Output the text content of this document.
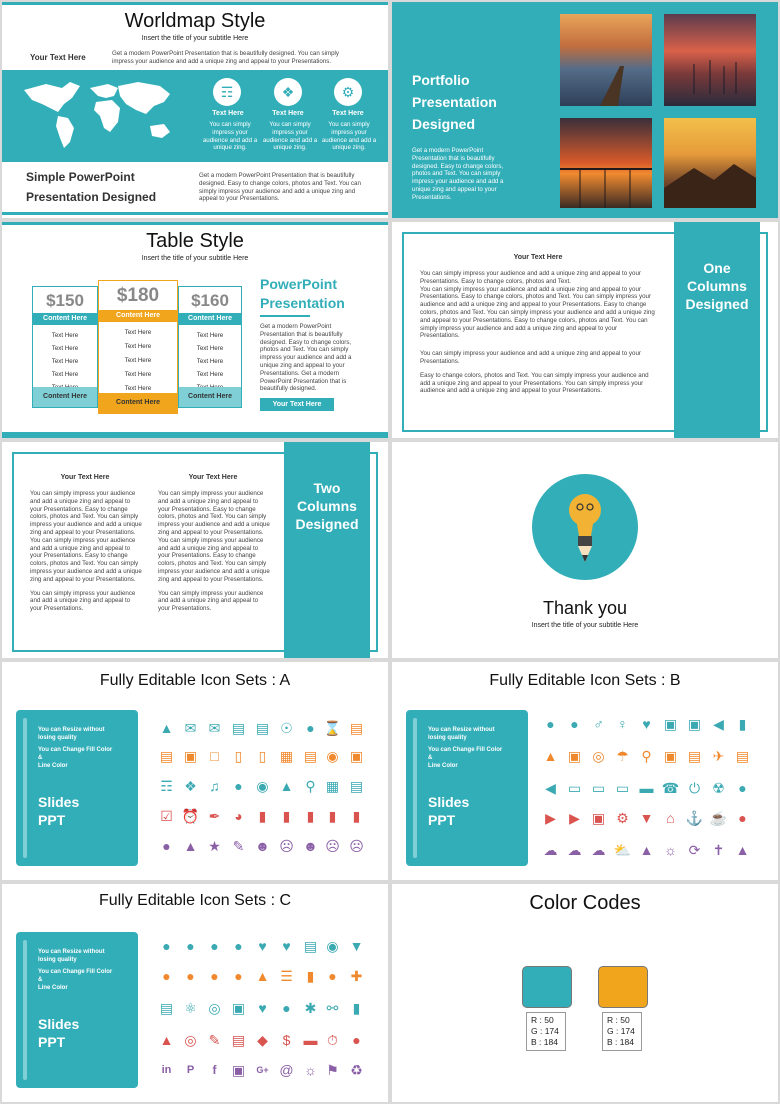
Worldmap Style
Insert the title of your subtitle Here
Your Text Here	Get a modern PowerPoint Presentation that is beautifully designed. You can simply impress your audience and add a unique zing and appeal to your Presentations.
☶	❖	⚙
Text Here	Text Here	Text Here
You can simply impress your audience and add a unique zing.
You can simply impress your audience and add a unique zing.
You can simply impress your audience and add a unique zing.
Simple PowerPoint
Presentation Designed
Get a modern PowerPoint Presentation that is beautifully designed. Easy to change colors, photos and Text. You can simply impress your audience and add a unique zing and appeal to your Presentations.
Portfolio
Presentation
Designed
Get a modern PowerPoint Presentation that is beautifully designed. Easy to change colors, photos and Text. You can simply impress your audience and add a unique zing and appeal to your Presentations.
Table Style
Insert the title of your subtitle Here
$150
Content Here
Text Here
Text Here
Text Here
Text Here
Content Here
$180
Content Here
Text Here
Text Here
Text Here
Text Here
Text Here
Content Here
$160
Content Here
Text Here
Text Here
Text Here
Text Here
Content Here
PowerPoint
Presentation
Get a modern PowerPoint Presentation that is beautifully designed. Easy to change colors, photos and Text. You can simply impress your audience and add a unique zing and appeal to your Presentations. Get a modern PowerPoint Presentation that is beautifully designed.
Your Text Here
One
Columns
Designed
Your Text Here
You can simply impress your audience and add a unique zing and appeal to your Presentations. Easy to change colors, photos and Text.
You can simply impress your audience and add a unique zing and appeal to your Presentations. Easy to change colors, photos and Text. You can simply impress your audience and add a unique zing and appeal to your Presentations. Easy to change colors, photos and Text. You can simply impress your audience and add a unique zing and appeal to your Presentations. Easy to change colors, photos and Text. You can simply impress your audience and add a unique zing and appeal to your Presentations.
You can simply impress your audience and add a unique zing and appeal to your Presentations.
Easy to change colors, photos and Text. You can simply impress your audience and add a unique zing and appeal to your Presentations. You can simply impress your audience and add a unique zing and appeal to your Presentations.
Two
Columns
Designed
Your Text Here	Your Text Here
You can simply impress your audience and add a unique zing and appeal to your Presentations. Easy to change colors, photos and Text. You can simply impress your audience and add a unique zing and appeal to your Presentations. You can simply impress your audience and add a unique zing and appeal to your Presentations. Easy to change colors, photos and Text. You can simply impress your audience and add a unique zing and appeal to your Presentations.
You can simply impress your audience and add a unique zing and appeal to your Presentations.
You can simply impress your audience and add a unique zing and appeal to your Presentations. Easy to change colors, photos and Text. You can simply impress your audience and add a unique zing and appeal to your Presentations. You can simply impress your audience and add a unique zing and appeal to your Presentations. Easy to change colors, photos and Text. You can simply impress your audience and add a unique zing and appeal to your Presentations.
You can simply impress your audience and add a unique zing and appeal to your Presentations.	Thank you
Insert the title of your subtitle Here
Fully Editable Icon Sets : A
You can Resize without
losing quality
You can Change Fill Color
&
Line Color
Slides
PPT
▲ ✉ ✉ ▤ ▤ ☉ ● ⌛ ▤
▤ ▣ □	▯	▯ ▦ ▤ ◉ ▣
☶ ❖ ♫	● ◉ ▲ ⚲ ▦ ▤
☑ ⏰ ✒ ◕	▮	▮	▮	▮	▮
● ▲ ★ ✎ ☻ ☹ ☻ ☹ ☹
Fully Editable Icon Sets : B
You can Resize without
losing quality
You can Change Fill Color
&
Line Color
Slides
PPT
●	●	♂ ♀	♥ ▣ ▣ ◀	▮
▲ ▣ ◎ ☂ ⚲ ▣ ▤ ✈ ▤
◀ ▭ ▭ ▭ ▬ ☎ ⏻ ☢ ●
▶ ▶ ▣ ⚙ ▼ ⌂ ⚓ ☕ ●
☁ ☁ ☁ ⛅ ▲ ☼ ⟳ ✝ ▲
Fully Editable Icon Sets : C
You can Resize without
losing quality
You can Change Fill Color
&
Line Color
Slides
PPT
●	●	●	●	♥	♥ ▤ ◉ ▼
●	●	●	● ▲ ☰ ▮ ● ✚
▤ ⚛ ◎ ▣ ♥	● ✱ ⚯	▮
▲ ◎ ✎ ▤ ◆	$ ▬ ⏱	●
in	P	f	▣ G+ @ ☼ ⚑ ♻
Color Codes
R : 50
G : 174
B : 184
R : 50
G : 174
B : 184
